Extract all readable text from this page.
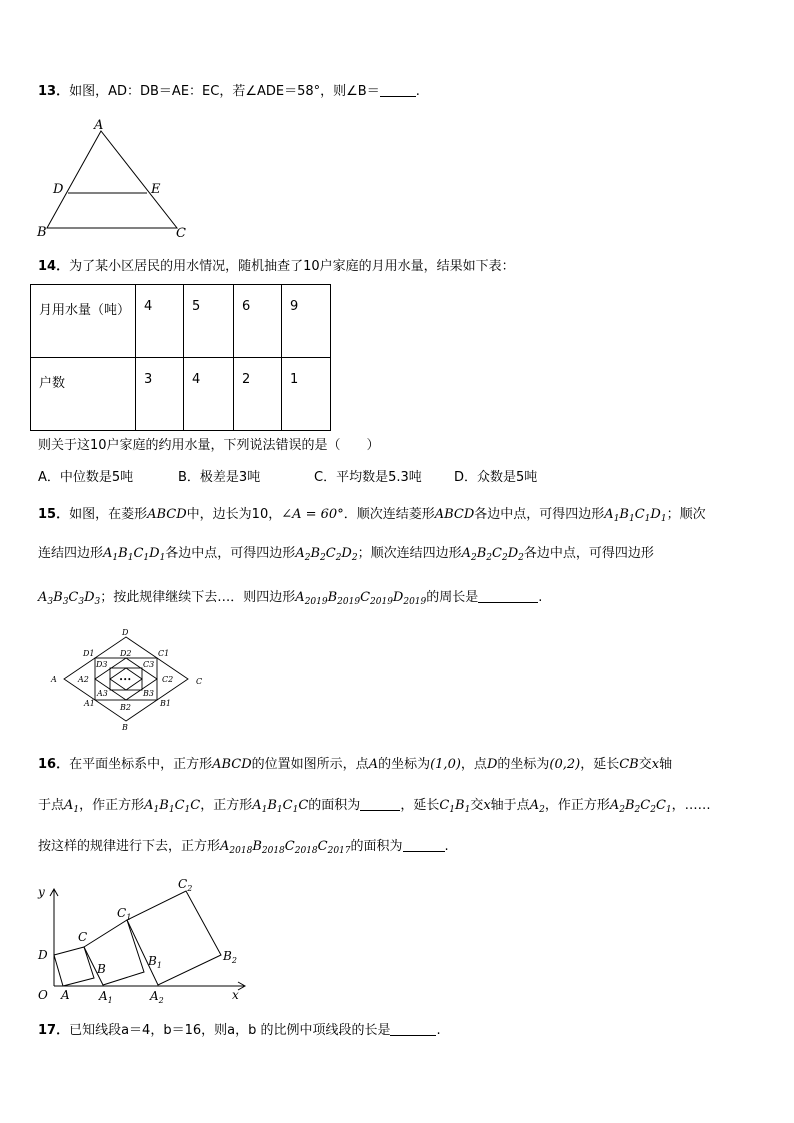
13．如图，AD：DB＝AE：EC，若∠ADE＝58°，则∠B＝	.
A
D	E
B	C
14．为了某小区居民的用水情况，随机抽查了10户家庭的月用水量，结果如下表：
月用水量（吨）	4	5	6	9
户数	3	4	2	1
则关于这10户家庭的约用水量，下列说法错误的是（　　）
A．中位数是5吨	B．极差是3吨	C．平均数是5.3吨 D．众数是5吨
15．如图，在菱形ABCD中，边长为10，∠A = 60°．顺次连结菱形ABCD各边中点，可得四边形$A_1B_1C_1D_1$；顺次
连结四边形$A_1B_1C_1D_1$各边中点，可得四边形$A_2B_2C_2D_2$；顺次连结四边形$A_2B_2C_2D_2$各边中点，可得四边形
$A_3B_3C_3D_3$；按此规律继续下去…．则四边形$A_{2019}B_{2019}C_{2019}D_{2019}$的周长是	.
D
B
A	C
D1	C1
A1	B1
D2
B2
A2	C2
D3	C3
A3	B3
•••
16．在平面坐标系中，正方形ABCD的位置如图所示，点A的坐标为(1,0)，点D的坐标为(0,2)，延长CB交x轴
于点$A_1$，作正方形$A_1B_1C_1C$，正方形$A_1B_1C_1C$的面积为	，延长$C_1B_1$交x轴于点$A_2$，作正方形$A_2B_2C_2C_1$，……
按这样的规律进行下去，正方形$A_{2018}B_{2018}C_{2018}C_{2017}$的面积为	.
y
x
O A $A_1$	$A_2$
D
C
B
$C_1$
$B_1$
$C_2$
$B_2$
17．已知线段a＝4，b＝16，则a，b 的比例中项线段的长是	.
